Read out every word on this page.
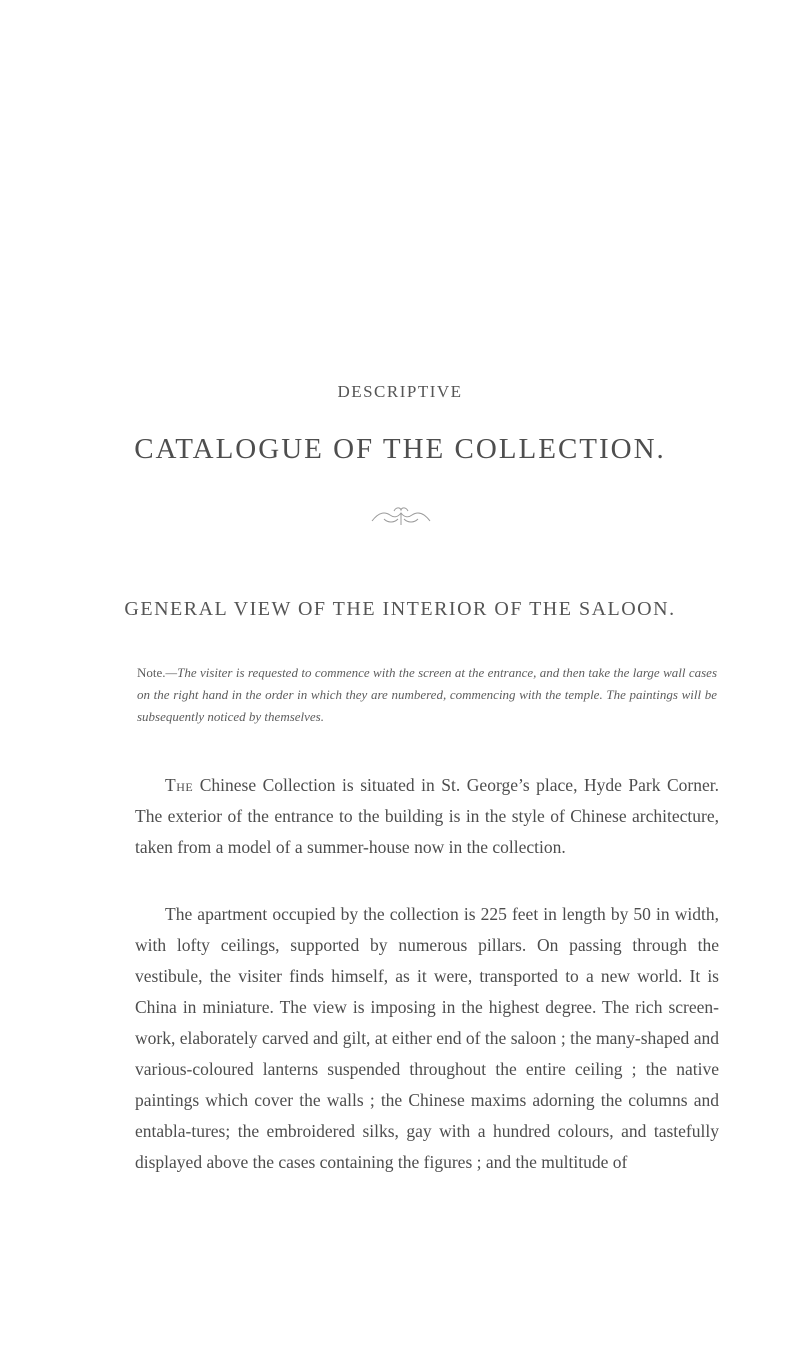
DESCRIPTIVE
CATALOGUE OF THE COLLECTION.
GENERAL VIEW OF THE INTERIOR OF THE SALOON.
Note.—The visiter is requested to commence with the screen at the entrance, and then take the large wall cases on the right hand in the order in which they are numbered, commencing with the temple. The paintings will be subsequently noticed by themselves.
The Chinese Collection is situated in St. George’s place, Hyde Park Corner. The exterior of the entrance to the building is in the style of Chinese architecture, taken from a model of a summer-house now in the collection.
The apartment occupied by the collection is 225 feet in length by 50 in width, with lofty ceilings, supported by numerous pillars. On passing through the vestibule, the visiter finds himself, as it were, transported to a new world. It is China in miniature. The view is imposing in the highest degree. The rich screen-work, elaborately carved and gilt, at either end of the saloon ; the many-shaped and various-coloured lanterns suspended throughout the entire ceiling ; the native paintings which cover the walls ; the Chinese maxims adorning the columns and entabla-tures; the embroidered silks, gay with a hundred colours, and tastefully displayed above the cases containing the figures ; and the multitude of
